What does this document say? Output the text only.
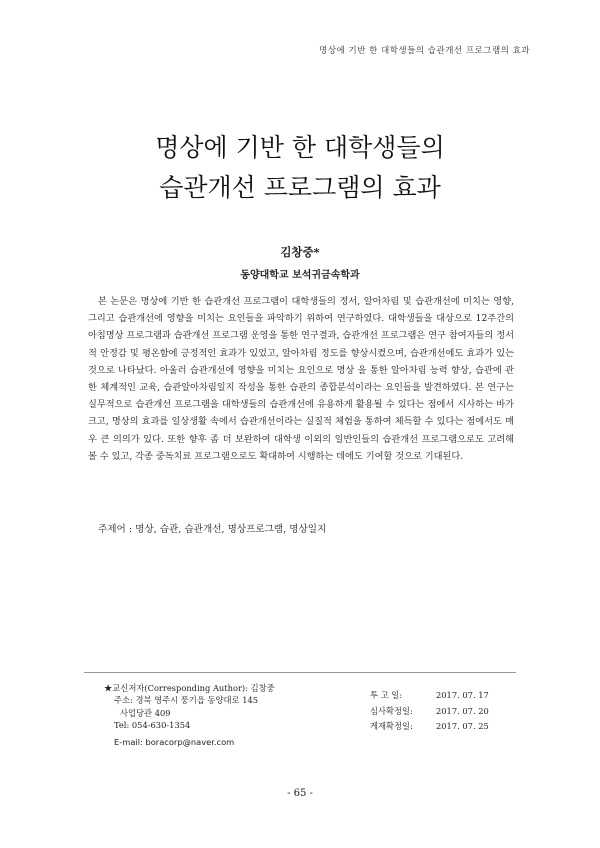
명상에 기반 한 대학생들의 습관개선 프로그램의 효과
명상에 기반 한 대학생들의
습관개선 프로그램의 효과
김창중*
동양대학교 보석귀금속학과

본 논문은 명상에 기반 한 습관개선 프로그램이 대학생들의 정서, 알아차림 및 습관개선에 미치는 영향, 그리고 습관개선에 영향을 미치는 요인들을 파악하기 위하여 연구하였다. 대학생들을 대상으로 12주간의 아침명상 프로그램과 습관개선 프로그램 운영을 통한 연구결과, 습관개선 프로그램은 연구 참여자들의 정서적 안정감 및 평온함에 긍정적인 효과가 있었고, 알아차림 정도를 향상시켰으며, 습관개선에도 효과가 있는 것으로 나타났다. 아울러 습관개선에 영향을 미치는 요인으로 명상 을 통한 알아차림 능력 향상, 습관에 관한 체계적인 교육, 습관알아차림일지 작성을 통한 습관의 종합분석이라는 요인들을 발견하였다. 본 연구는 실무적으로 습관개선 프로그램을 대학생들의 습관개선에 유용하게 활용될 수 있다는 점에서 시사하는 바가 크고, 명상의 효과를 일상생활 속에서 습관개선이라는 실질적 체험을 통하여 체득할 수 있다는 점에서도 매우 큰 의의가 있다. 또한 향후 좀 더 보완하여 대학생 이외의 일반인들의 습관개선 프로그램으로도 고려해 볼 수 있고, 각종 중독치료 프로그램으로도 확대하여 시행하는 데에도 기여할 것으로 기대된다.

주제어 : 명상, 습관, 습관개선, 명상프로그램, 명상일지
★교신저자(Corresponding Author): 김창중
주소: 경북 영주시 풍기읍 동양대로 145
사업당관 409
Tel: 054-630-1354
E-mail: boracorp@naver.com
투 고 일:	2017. 07. 17
심사확정일:	2017. 07. 20
게재확정일:	2017. 07. 25
- 65 -
